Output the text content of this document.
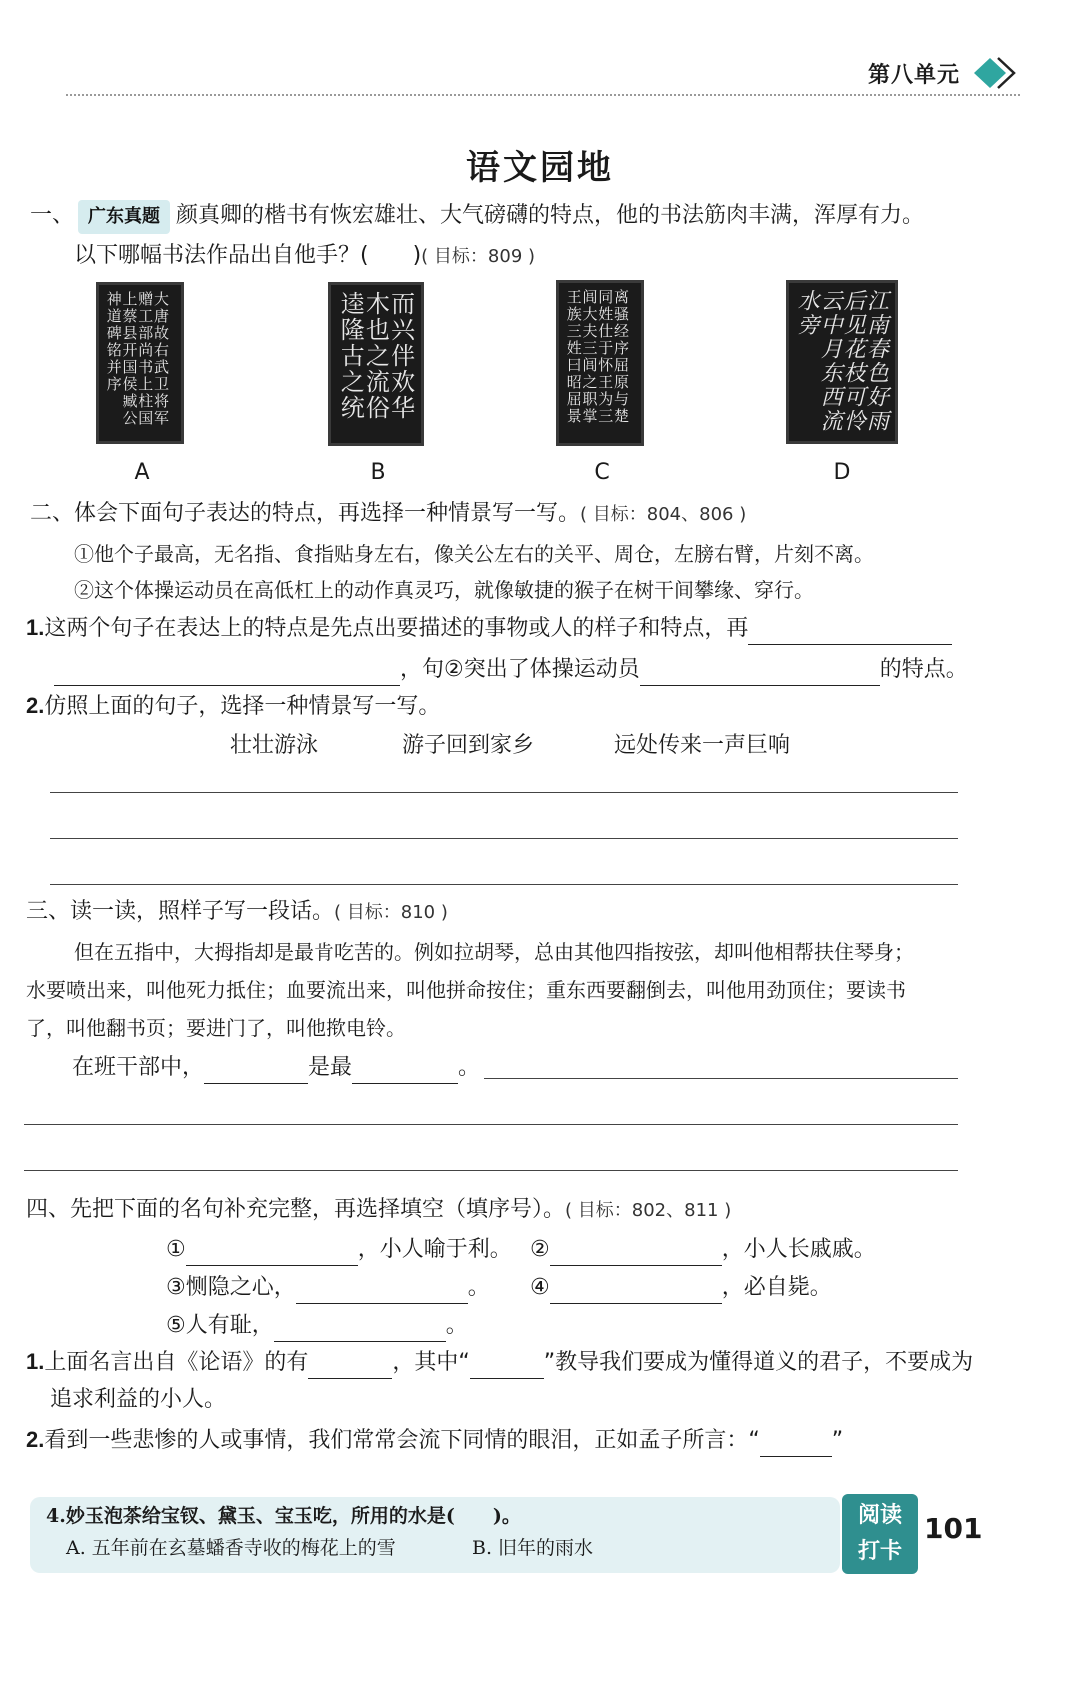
第八单元
语文园地
一、 广东真题 颜真卿的楷书有恢宏雄壮、大气磅礴的特点，他的书法筋肉丰满，浑厚有力。
以下哪幅书法作品出自他手？(　　)( 目标：809 )
大唐故右武卫将军赠工部尚书上柱国上蔡县开国侯臧公神道碑铭并序	而兴伴欢华木也之流俗逵隆古之统	离骚经序屈原与楚同姓仕于怀王为三闾大夫三闾之职掌王族三姓曰昭屈景	江南春色好雨后见花枝可怜云中月东西流水旁
A	B	C	D
二、体会下面句子表达的特点，再选择一种情景写一写。( 目标：804、806 )
①他个子最高，无名指、食指贴身左右，像关公左右的关平、周仓，左膀右臂，片刻不离。
②这个体操运动员在高低杠上的动作真灵巧，就像敏捷的猴子在树干间攀缘、穿行。
1.这两个句子在表达上的特点是先点出要描述的事物或人的样子和特点，再
，句②突出了体操运动员	的特点。
2.仿照上面的句子，选择一种情景写一写。
壮壮游泳	游子回到家乡	远处传来一声巨响
三、读一读，照样子写一段话。( 目标：810 )
但在五指中，大拇指却是最肯吃苦的。例如拉胡琴，总由其他四指按弦，却叫他相帮扶住琴身；
水要喷出来，叫他死力抵住；血要流出来，叫他拼命按住；重东西要翻倒去，叫他用劲顶住；要读书
了，叫他翻书页；要进门了，叫他揿电铃。
在班干部中，	是最	。
四、先把下面的名句补充完整，再选择填空（填序号）。( 目标：802、811 )
①	，小人喻于利。 ②	，小人长戚戚。
③恻隐之心，	。 ④	，必自毙。
⑤人有耻，	。
1.上面名言出自《论语》的有	，其中“	”教导我们要成为懂得道义的君子，不要成为
追求利益的小人。
2.看到一些悲惨的人或事情，我们常常会流下同情的眼泪，正如孟子所言：“	”
4.妙玉泡茶给宝钗、黛玉、宝玉吃，所用的水是(　　)。
A. 五年前在玄墓蟠香寺收的梅花上的雪	B. 旧年的雨水
阅读
打卡
101
